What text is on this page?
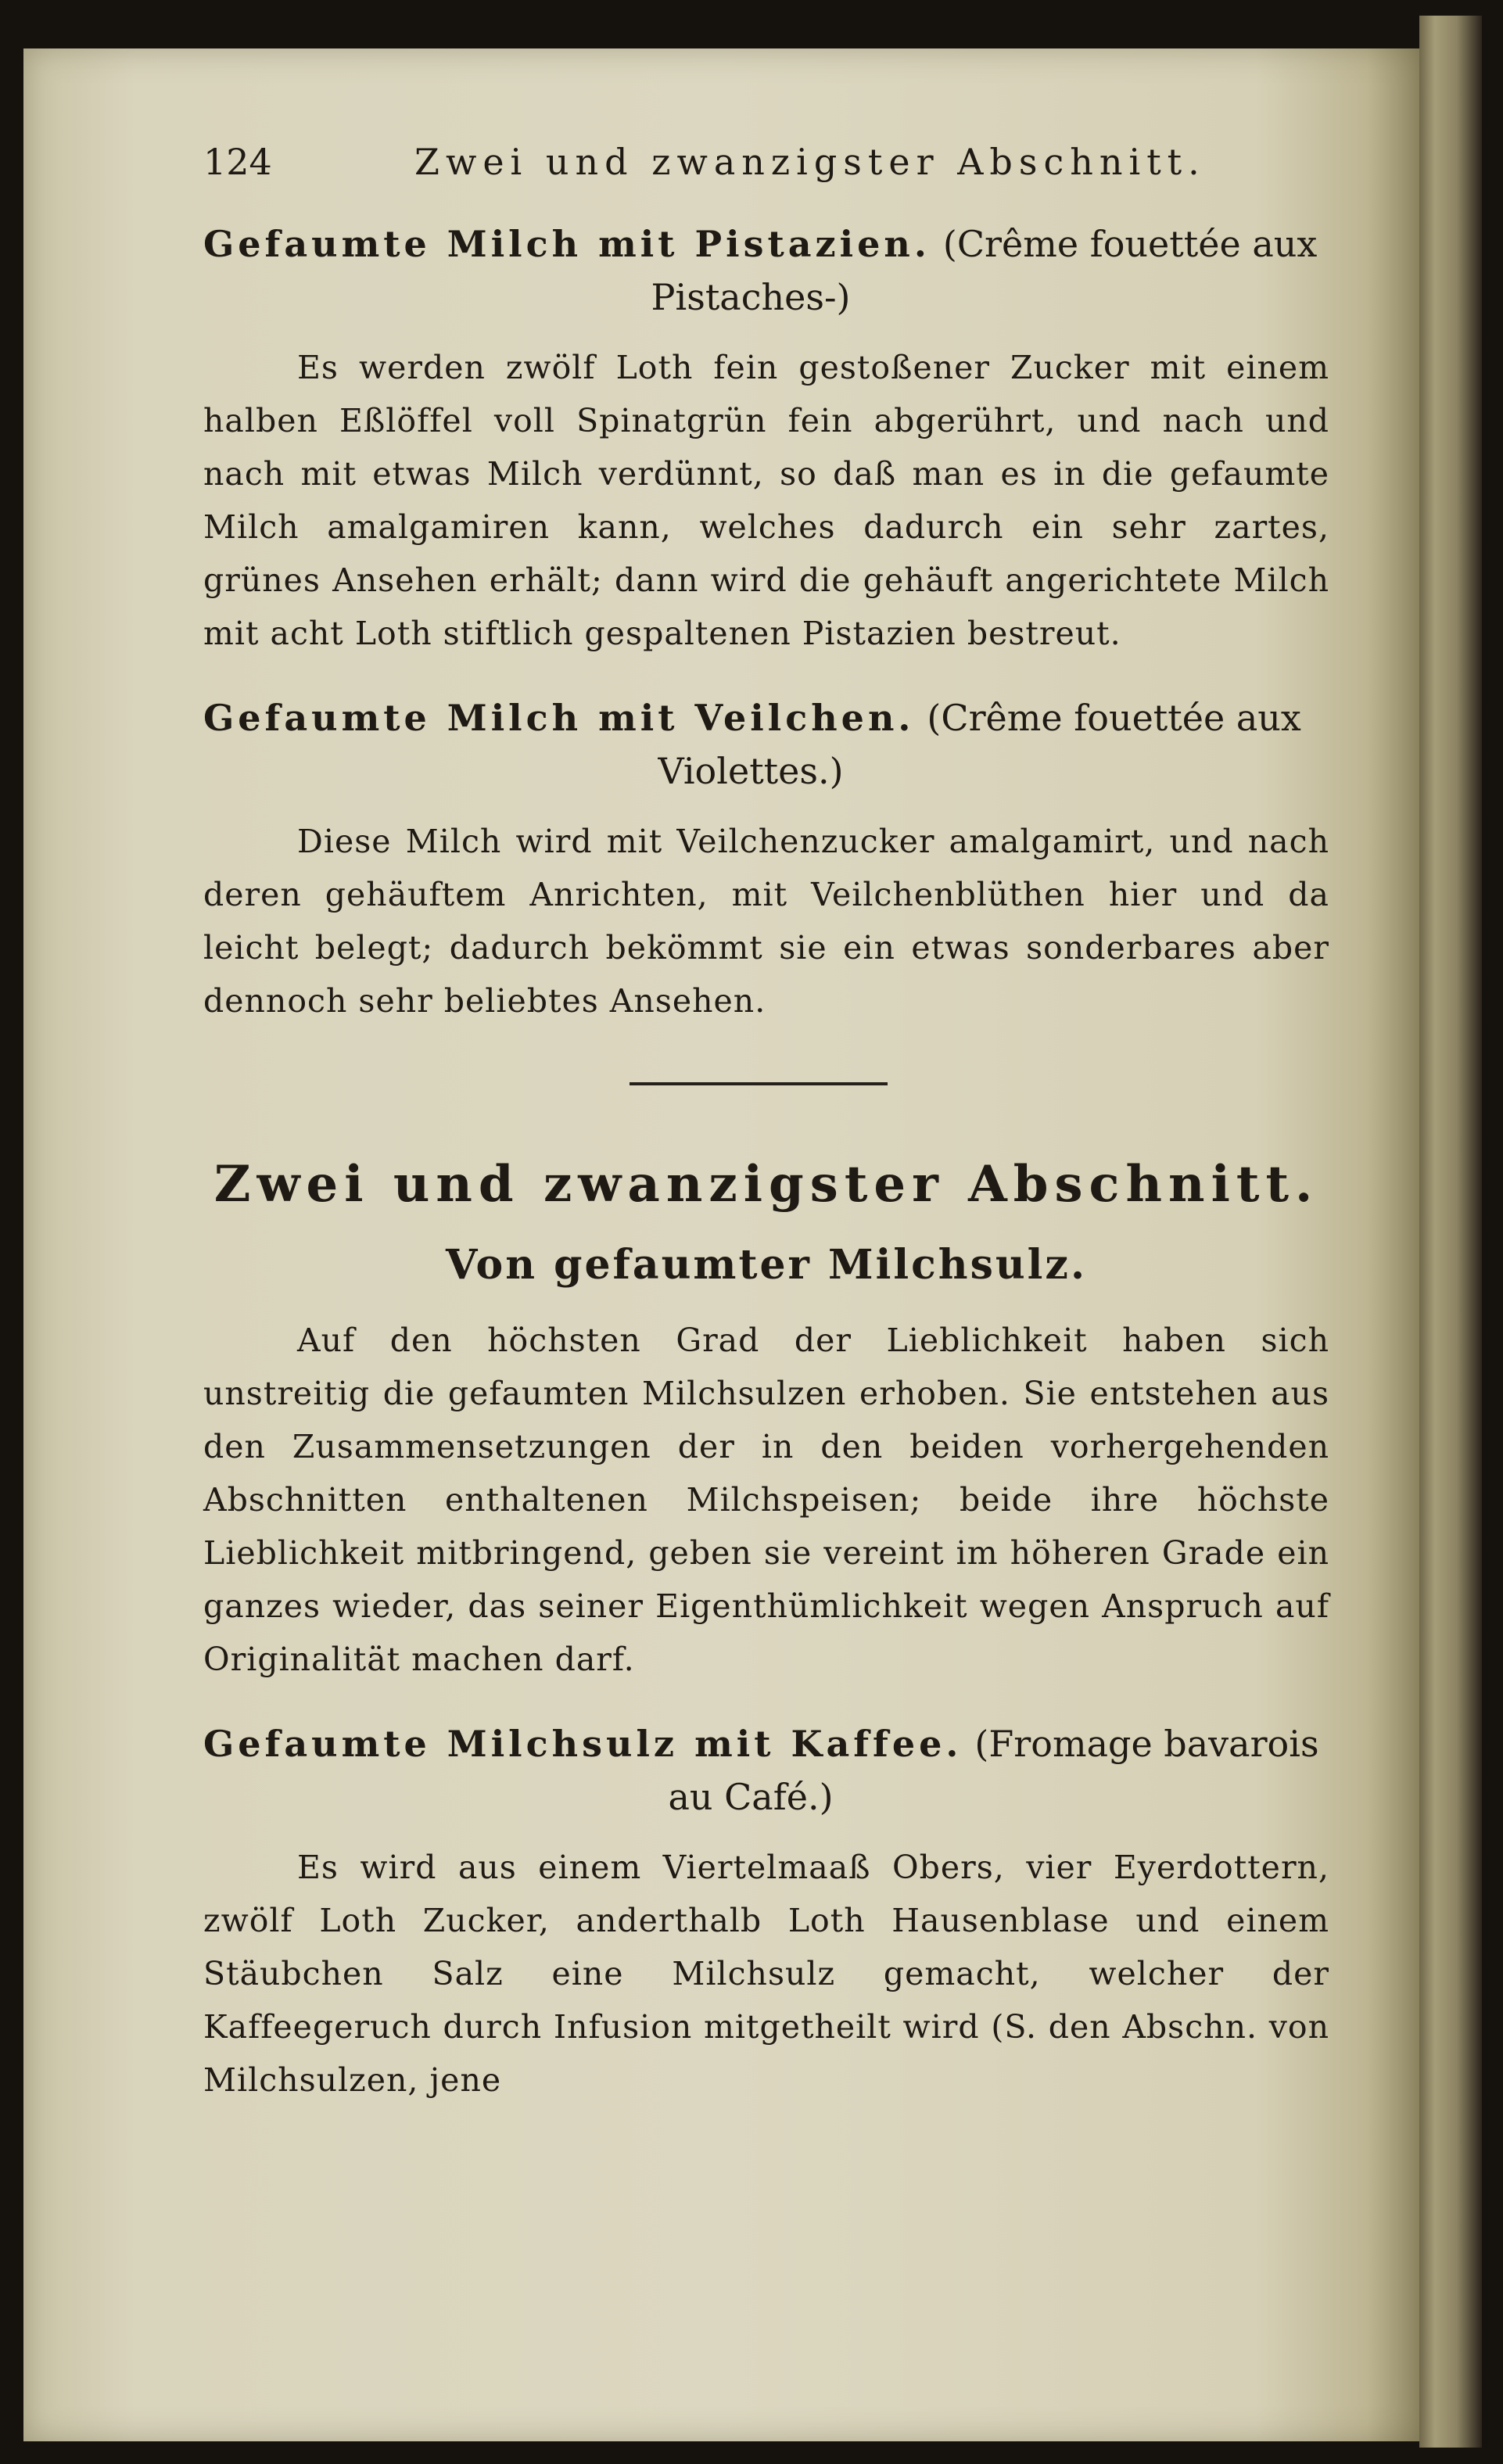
124	Zwei und zwanzigster Abschnitt.
Gefaumte Milch mit Pistazien. (Crême fouettée aux
Pistaches-)

Es werden zwölf Loth fein gestoßener Zucker mit einem halben Eßlöffel voll Spinatgrün fein abgerührt, und nach und nach mit etwas Milch verdünnt, so daß man es in die gefaumte Milch amalgamiren kann, welches dadurch ein sehr zartes, grünes Ansehen erhält; dann wird die gehäuft angerichtete Milch mit acht Loth stiftlich gespaltenen Pistazien bestreut.

Gefaumte Milch mit Veilchen. (Crême fouettée aux
Violettes.)

Diese Milch wird mit Veilchenzucker amalgamirt, und nach deren gehäuftem Anrichten, mit Veilchenblüthen hier und da leicht belegt; dadurch bekömmt sie ein etwas sonderbares aber dennoch sehr beliebtes Ansehen.

Zwei und zwanzigster Abschnitt.
Von gefaumter Milchsulz.

Auf den höchsten Grad der Lieblichkeit haben sich unstreitig die gefaumten Milchsulzen erhoben. Sie entstehen aus den Zusammensetzungen der in den beiden vorhergehenden Abschnitten enthaltenen Milchspeisen; beide ihre höchste Lieblichkeit mitbringend, geben sie vereint im höheren Grade ein ganzes wieder, das seiner Eigenthümlichkeit wegen Anspruch auf Originalität machen darf.

Gefaumte Milchsulz mit Kaffee. (Fromage bavarois
au Café.)

Es wird aus einem Viertelmaaß Obers, vier Eyerdottern, zwölf Loth Zucker, anderthalb Loth Hausenblase und einem Stäubchen Salz eine Milchsulz gemacht, welcher der Kaffeegeruch durch Infusion mitgetheilt wird (S. den Abschn. von Milchsulzen, jene
